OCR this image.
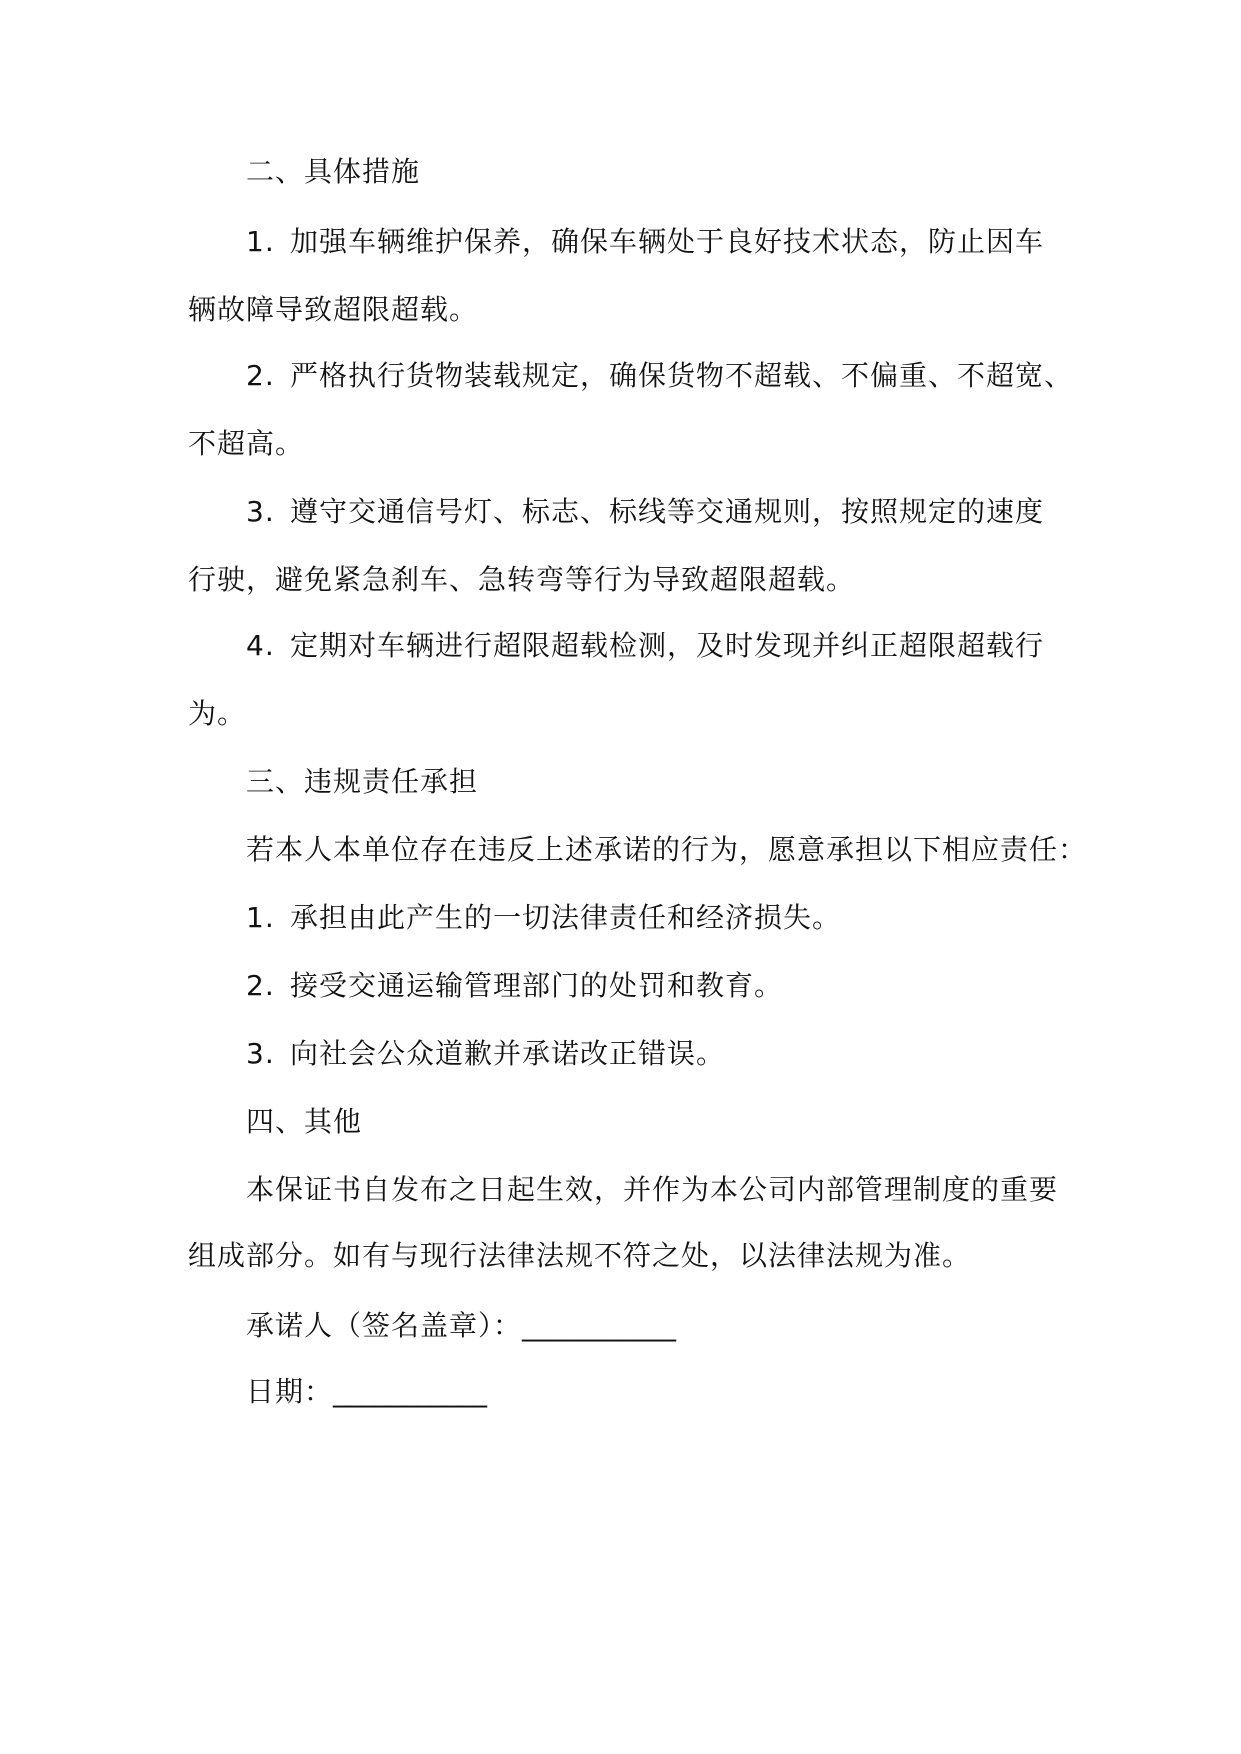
二、具体措施
1. 加强车辆维护保养，确保车辆处于良好技术状态，防止因车
辆故障导致超限超载。
2. 严格执行货物装载规定，确保货物不超载、不偏重、不超宽、
不超高。
3. 遵守交通信号灯、标志、标线等交通规则，按照规定的速度
行驶，避免紧急刹车、急转弯等行为导致超限超载。
4. 定期对车辆进行超限超载检测，及时发现并纠正超限超载行
为。
三、违规责任承担
若本人本单位存在违反上述承诺的行为，愿意承担以下相应责任：
1. 承担由此产生的一切法律责任和经济损失。
2. 接受交通运输管理部门的处罚和教育。
3. 向社会公众道歉并承诺改正错误。
四、其他
本保证书自发布之日起生效，并作为本公司内部管理制度的重要
组成部分。如有与现行法律法规不符之处，以法律法规为准。
承诺人（签名盖章）：___________
日期：___________
